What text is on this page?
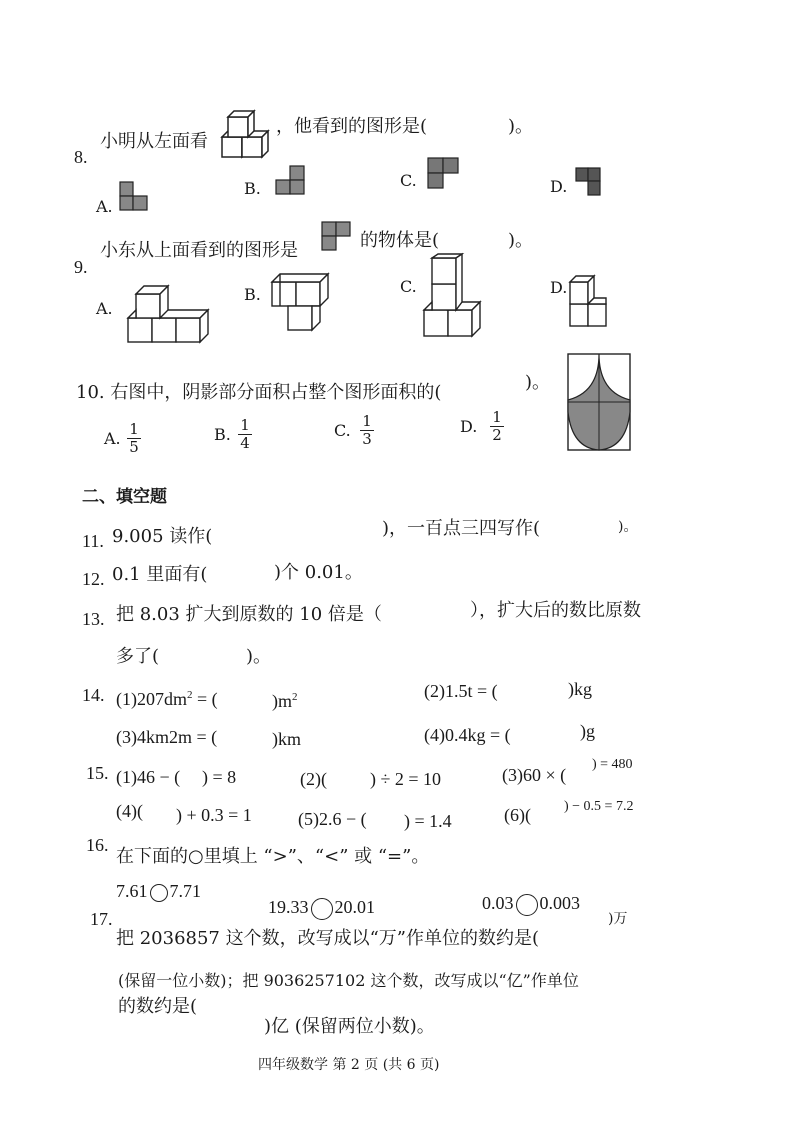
8.
小明从左面看
，他看到的图形是(	)。
A.
B.	C.	D.
9.
小东从上面看到的图形是	的物体是(	)。
A.
B.	C.	D.
10. 右图中，阴影部分面积占整个图形面积的(	)。
A. 1
5
B. 1
4
C. 1
3
D. 1
2
二、填空题
11. 9.005 读作(	)，一百点三四写作(	)。
12. 0.1 里面有(	)个 0.01。
13. 把 8.03 扩大到原数的 10 倍是（	），扩大后的数比原数
多了(	)。
14. $(1)207dm^2$ = (	)$m^2$	(2)1.5t = (	)kg
(3)4km2m = (	)km	(4)0.4kg = (	)g
15. (1)46 − ( ) = 8	(2)( ) ÷ 2 = 10	(3)60 × (
) = 480
(4)( ) + 0.3 = 1	(5)2.6 − ( ) = 1.4	(6)( ) − 0.5 = 7.2
16.
在下面的○里填上 “>”、“<” 或 “=”。
7.61 7.71
19.33 20.01	0.03 0.003
17.
把 2036857 这个数，改写成以“万”作单位的数约是(
)万
(保留一位小数)；把 9036257102 这个数，改写成以“亿”作单位
的数约是(
)亿 (保留两位小数)。
四年级数学 第 2 页 (共 6 页)
